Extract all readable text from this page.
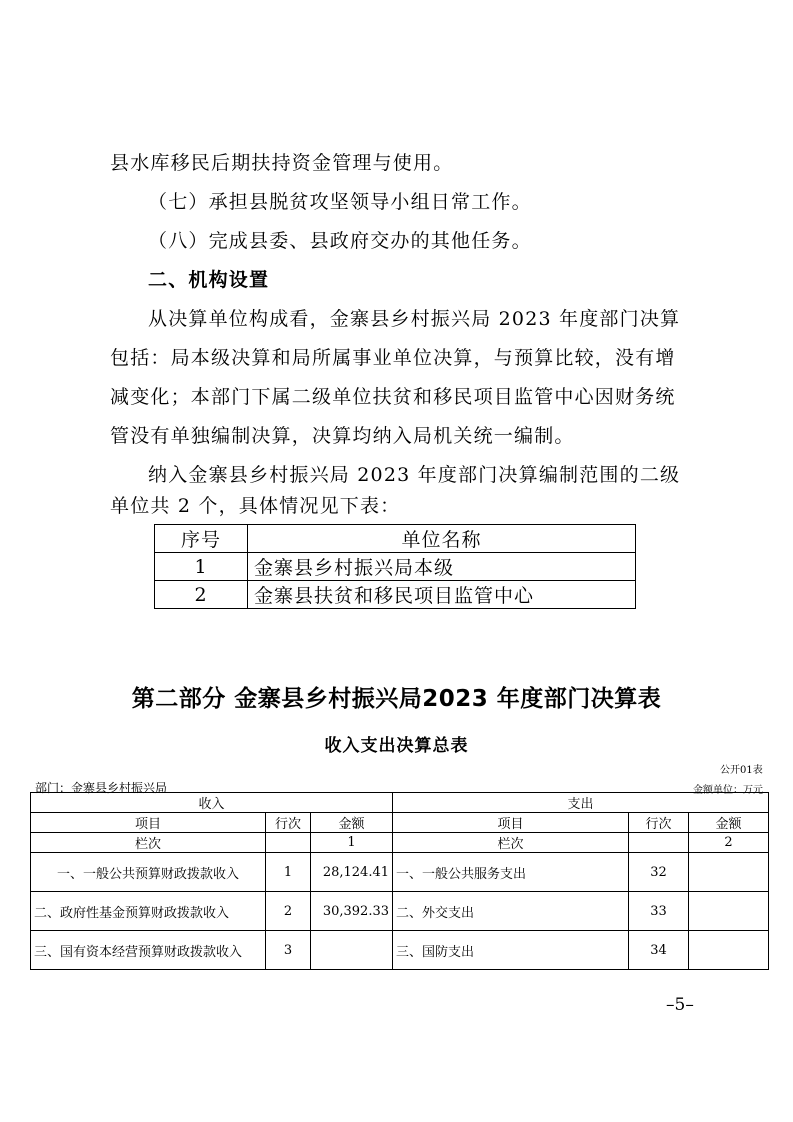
县水库移民后期扶持资金管理与使用。
（七）承担县脱贫攻坚领导小组日常工作。
（八）完成县委、县政府交办的其他任务。
二、机构设置
从决算单位构成看，金寨县乡村振兴局 2023 年度部门决算
包括：局本级决算和局所属事业单位决算，与预算比较，没有增
减变化；本部门下属二级单位扶贫和移民项目监管中心因财务统
管没有单独编制决算，决算均纳入局机关统一编制。
纳入金寨县乡村振兴局 2023 年度部门决算编制范围的二级
单位共 2 个，具体情况见下表：
序号	单位名称
1	金寨县乡村振兴局本级
2	金寨县扶贫和移民项目监管中心
第二部分 金寨县乡村振兴局2023 年度部门决算表
收入支出决算总表
公开01表
部门：金寨县乡村振兴局	金额单位：万元
收入			支出		
项目	行次	金额	项目	行次	金额
栏次		1	栏次		2
一、一般公共预算财政拨款收入	1	28,124.41	一、一般公共服务支出	32	
二、政府性基金预算财政拨款收入	2	30,392.33	二、外交支出	33	
三、国有资本经营预算财政拨款收入	3		三、国防支出	34	
–5–
